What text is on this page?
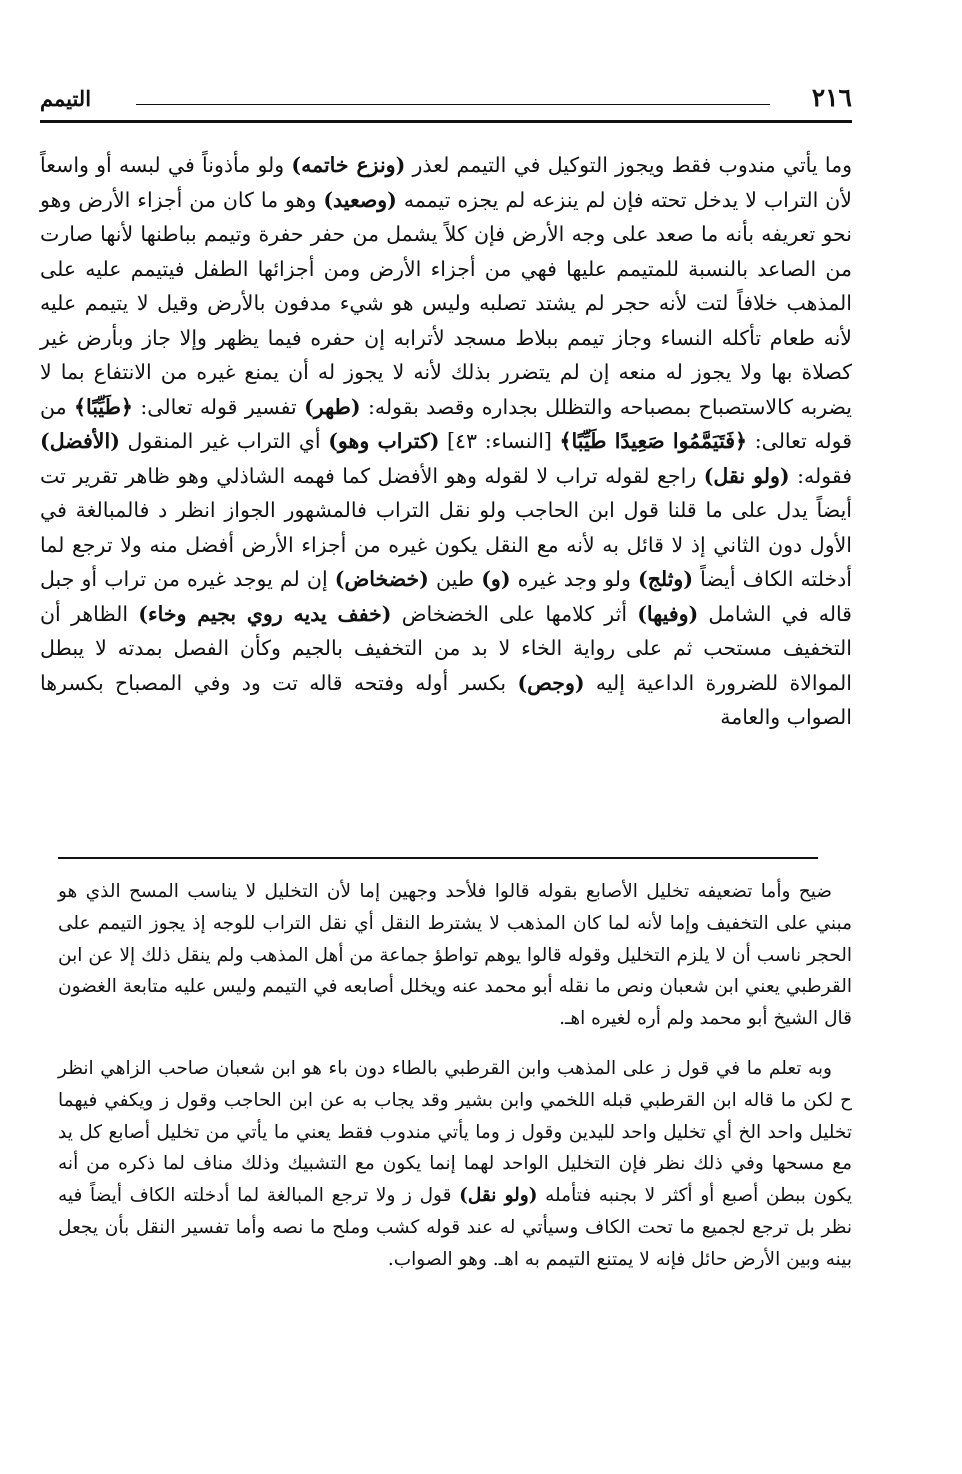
٢١٦
التيمم

وما يأتي مندوب فقط ويجوز التوكيل في التيمم لعذر (ونزع خاتمه) ولو مأذوناً في لبسه أو واسعاً لأن التراب لا يدخل تحته فإن لم ينزعه لم يجزه تيممه (وصعيد) وهو ما كان من أجزاء الأرض وهو نحو تعريفه بأنه ما صعد على وجه الأرض فإن كلاً يشمل من حفر حفرة وتيمم بباطنها لأنها صارت من الصاعد بالنسبة للمتيمم عليها فهي من أجزاء الأرض ومن أجزائها الطفل فيتيمم عليه على المذهب خلافاً لتت لأنه حجر لم يشتد تصلبه وليس هو شيء مدفون بالأرض وقيل لا يتيمم عليه لأنه طعام تأكله النساء وجاز تيمم ببلاط مسجد لأترابه إن حفره فيما يظهر وإلا جاز وبأرض غير كصلاة بها ولا يجوز له منعه إن لم يتضرر بذلك لأنه لا يجوز له أن يمنع غيره من الانتفاع بما لا يضربه كالاستصباح بمصباحه والتظلل بجداره وقصد بقوله: (طهر) تفسير قوله تعالى: ﴿طَيِّبًا﴾ من قوله تعالى: ﴿فَتَيَمَّمُوا صَعِيدًا طَيِّبًا﴾ [النساء: ٤٣] (كتراب وهو) أي التراب غير المنقول (الأفضل) فقوله: (ولو نقل) راجع لقوله تراب لا لقوله وهو الأفضل كما فهمه الشاذلي وهو ظاهر تقرير تت أيضاً يدل على ما قلنا قول ابن الحاجب ولو نقل التراب فالمشهور الجواز انظر د فالمبالغة في الأول دون الثاني إذ لا قائل به لأنه مع النقل يكون غيره من أجزاء الأرض أفضل منه ولا ترجع لما أدخلته الكاف أيضاً (وثلج) ولو وجد غيره (و) طين (خضخاض) إن لم يوجد غيره من تراب أو جبل قاله في الشامل (وفيها) أثر كلامها على الخضخاض (خفف يديه روي بجيم وخاء) الظاهر أن التخفيف مستحب ثم على رواية الخاء لا بد من التخفيف بالجيم وكأن الفصل بمدته لا يبطل الموالاة للضرورة الداعية إليه (وجص) بكسر أوله وفتحه قاله تت ود وفي المصباح بكسرها الصواب والعامة

ضيح وأما تضعيفه تخليل الأصابع بقوله قالوا فلأحد وجهين إما لأن التخليل لا يناسب المسح الذي هو مبني على التخفيف وإما لأنه لما كان المذهب لا يشترط النقل أي نقل التراب للوجه إذ يجوز التيمم على الحجر ناسب أن لا يلزم التخليل وقوله قالوا يوهم تواطؤ جماعة من أهل المذهب ولم ينقل ذلك إلا عن ابن القرطبي يعني ابن شعبان ونص ما نقله أبو محمد عنه ويخلل أصابعه في التيمم وليس عليه متابعة الغضون قال الشيخ أبو محمد ولم أره لغيره اهـ.

وبه تعلم ما في قول ز على المذهب وابن القرطبي بالطاء دون باء هو ابن شعبان صاحب الزاهي انظر ح لكن ما قاله ابن القرطبي قبله اللخمي وابن بشير وقد يجاب به عن ابن الحاجب وقول ز ويكفي فيهما تخليل واحد الخ أي تخليل واحد لليدين وقول ز وما يأتي مندوب فقط يعني ما يأتي من تخليل أصابع كل يد مع مسحها وفي ذلك نظر فإن التخليل الواحد لهما إنما يكون مع التشبيك وذلك مناف لما ذكره من أنه يكون ببطن أصبع أو أكثر لا بجنبه فتأمله (ولو نقل) قول ز ولا ترجع المبالغة لما أدخلته الكاف أيضاً فيه نظر بل ترجع لجميع ما تحت الكاف وسيأتي له عند قوله كشب وملح ما نصه وأما تفسير النقل بأن يجعل بينه وبين الأرض حائل فإنه لا يمتنع التيمم به اهـ. وهو الصواب.
